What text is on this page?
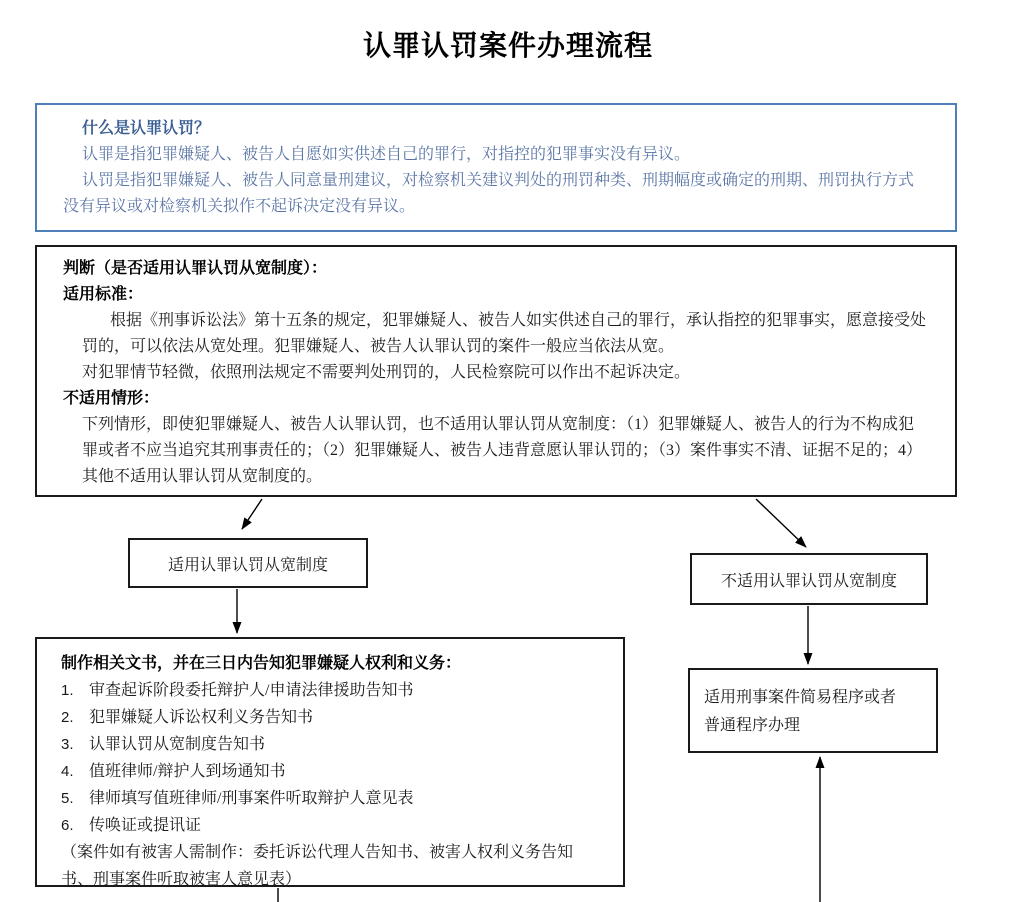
认罪认罚案件办理流程

什么是认罪认罚？

认罪是指犯罪嫌疑人、被告人自愿如实供述自己的罪行，对指控的犯罪事实没有异议。

认罚是指犯罪嫌疑人、被告人同意量刑建议，对检察机关建议判处的刑罚种类、刑期幅度或确定的刑期、刑罚执行方式没有异议或对检察机关拟作不起诉决定没有异议。

判断（是否适用认罪认罚从宽制度）：

适用标准：

根据《刑事诉讼法》第十五条的规定，犯罪嫌疑人、被告人如实供述自己的罪行，承认指控的犯罪事实，愿意接受处罚的，可以依法从宽处理。犯罪嫌疑人、被告人认罪认罚的案件一般应当依法从宽。

对犯罪情节轻微，依照刑法规定不需要判处刑罚的，人民检察院可以作出不起诉决定。

不适用情形：

下列情形，即使犯罪嫌疑人、被告人认罪认罚，也不适用认罪认罚从宽制度：（1）犯罪嫌疑人、被告人的行为不构成犯罪或者不应当追究其刑事责任的；（2）犯罪嫌疑人、被告人违背意愿认罪认罚的；（3）案件事实不清、证据不足的；4）其他不适用认罪认罚从宽制度的。

适用认罪认罚从宽制度
不适用认罪认罚从宽制度

制作相关文书，并在三日内告知犯罪嫌疑人权利和义务：

1. 审查起诉阶段委托辩护人/申请法律援助告知书
2. 犯罪嫌疑人诉讼权利义务告知书
3. 认罪认罚从宽制度告知书
4. 值班律师/辩护人到场通知书
5. 律师填写值班律师/刑事案件听取辩护人意见表
6. 传唤证或提讯证

（案件如有被害人需制作：委托诉讼代理人告知书、被害人权利义务告知书、刑事案件听取被害人意见表）

适用刑事案件简易程序或者
普通程序办理
